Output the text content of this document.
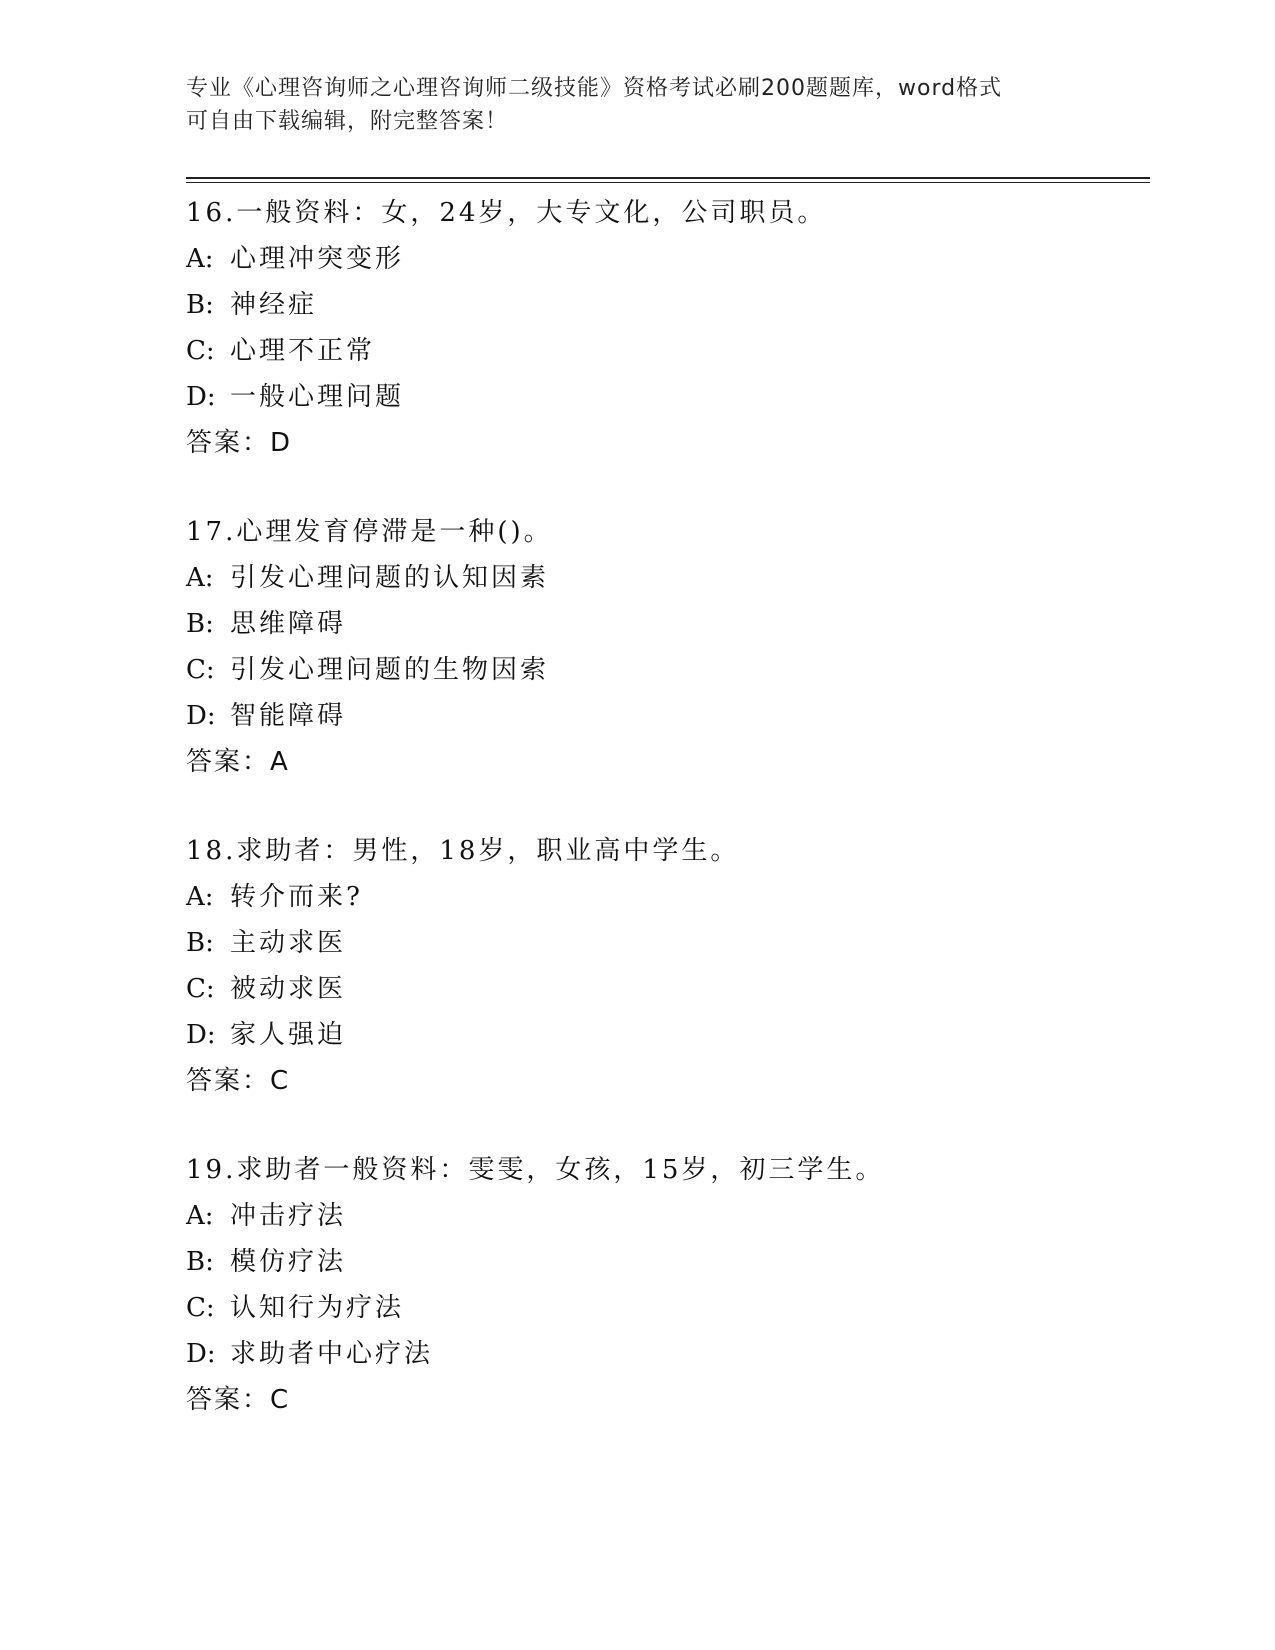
专业《心理咨询师之心理咨询师二级技能》资格考试必刷200题题库，word格式
可自由下载编辑，附完整答案！
16.一般资料：女，24岁，大专文化，公司职员。
A: 心理冲突变形
B: 神经症
C: 心理不正常
D: 一般心理问题
答案：D
17.心理发育停滞是一种()。
A: 引发心理问题的认知因素
B: 思维障碍
C: 引发心理问题的生物因索
D: 智能障碍
答案：A
18.求助者：男性，18岁，职业高中学生。
A: 转介而来?
B: 主动求医
C: 被动求医
D: 家人强迫
答案：C
19.求助者一般资料：雯雯，女孩，15岁，初三学生。
A: 冲击疗法
B: 模仿疗法
C: 认知行为疗法
D: 求助者中心疗法
答案：C
